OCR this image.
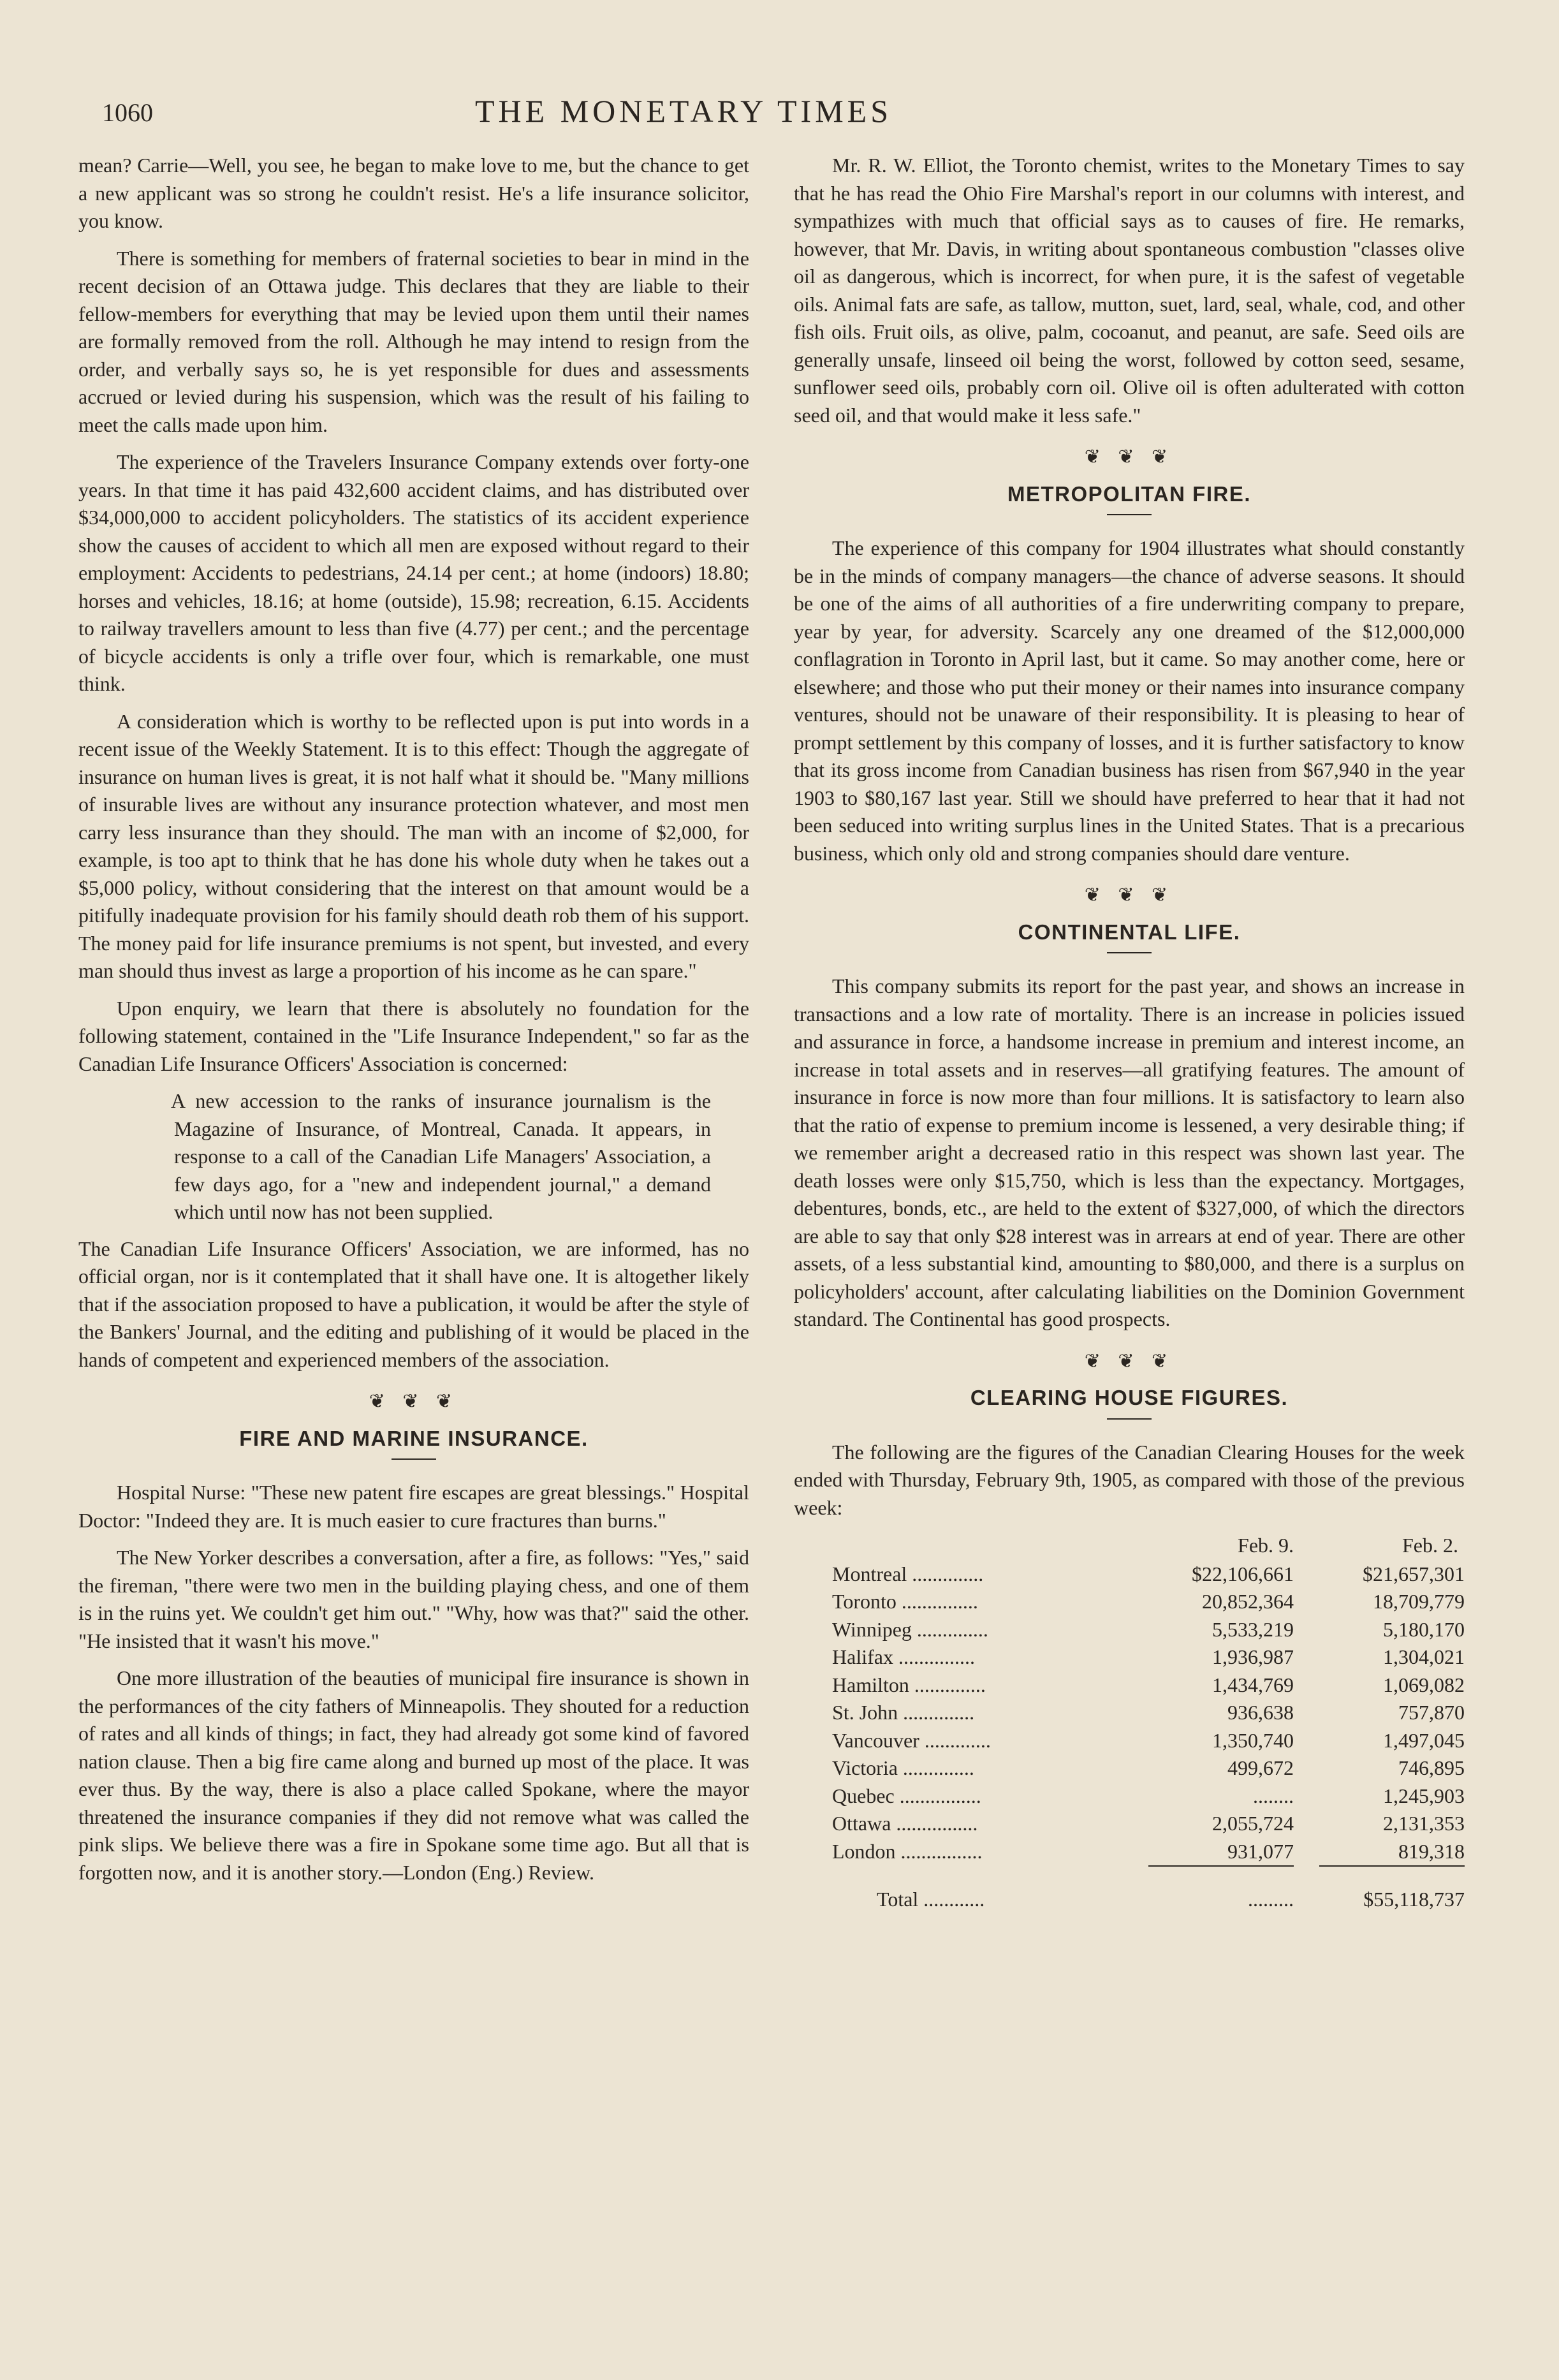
1060	THE MONETARY TIMES

mean? Carrie—Well, you see, he began to make love to me, but the chance to get a new applicant was so strong he couldn't resist. He's a life insurance solicitor, you know.

There is something for members of fraternal societies to bear in mind in the recent decision of an Ottawa judge. This declares that they are liable to their fellow-members for everything that may be levied upon them until their names are formally removed from the roll. Although he may intend to resign from the order, and verbally says so, he is yet responsible for dues and assessments accrued or levied during his suspension, which was the result of his failing to meet the calls made upon him.

The experience of the Travelers Insurance Company extends over forty-one years. In that time it has paid 432,600 accident claims, and has distributed over $34,000,000 to accident policyholders. The statistics of its accident experience show the causes of accident to which all men are exposed without regard to their employment: Accidents to pedestrians, 24.14 per cent.; at home (indoors) 18.80; horses and vehicles, 18.16; at home (outside), 15.98; recreation, 6.15. Accidents to railway travellers amount to less than five (4.77) per cent.; and the percentage of bicycle accidents is only a trifle over four, which is remarkable, one must think.

A consideration which is worthy to be reflected upon is put into words in a recent issue of the Weekly Statement. It is to this effect: Though the aggregate of insurance on human lives is great, it is not half what it should be. "Many millions of insurable lives are without any insurance protection whatever, and most men carry less insurance than they should. The man with an income of $2,000, for example, is too apt to think that he has done his whole duty when he takes out a $5,000 policy, without considering that the interest on that amount would be a pitifully inadequate provision for his family should death rob them of his support. The money paid for life insurance premiums is not spent, but invested, and every man should thus invest as large a proportion of his income as he can spare."

Upon enquiry, we learn that there is absolutely no foundation for the following statement, contained in the "Life Insurance Independent," so far as the Canadian Life Insurance Officers' Association is concerned:

A new accession to the ranks of insurance journalism is the Magazine of Insurance, of Montreal, Canada. It appears, in response to a call of the Canadian Life Managers' Association, a few days ago, for a "new and independent journal," a demand which until now has not been supplied.

The Canadian Life Insurance Officers' Association, we are informed, has no official organ, nor is it contemplated that it shall have one. It is altogether likely that if the association proposed to have a publication, it would be after the style of the Bankers' Journal, and the editing and publishing of it would be placed in the hands of competent and experienced members of the association.

❦ ❦ ❦
FIRE AND MARINE INSURANCE.

Hospital Nurse: "These new patent fire escapes are great blessings." Hospital Doctor: "Indeed they are. It is much easier to cure fractures than burns."

The New Yorker describes a conversation, after a fire, as follows: "Yes," said the fireman, "there were two men in the building playing chess, and one of them is in the ruins yet. We couldn't get him out." "Why, how was that?" said the other. "He insisted that it wasn't his move."

One more illustration of the beauties of municipal fire insurance is shown in the performances of the city fathers of Minneapolis. They shouted for a reduction of rates and all kinds of things; in fact, they had already got some kind of favored nation clause. Then a big fire came along and burned up most of the place. It was ever thus. By the way, there is also a place called Spokane, where the mayor threatened the insurance companies if they did not remove what was called the pink slips. We believe there was a fire in Spokane some time ago. But all that is forgotten now, and it is another story.—London (Eng.) Review.

Mr. R. W. Elliot, the Toronto chemist, writes to the Monetary Times to say that he has read the Ohio Fire Marshal's report in our columns with interest, and sympathizes with much that official says as to causes of fire. He remarks, however, that Mr. Davis, in writing about spontaneous combustion "classes olive oil as dangerous, which is incorrect, for when pure, it is the safest of vegetable oils. Animal fats are safe, as tallow, mutton, suet, lard, seal, whale, cod, and other fish oils. Fruit oils, as olive, palm, cocoanut, and peanut, are safe. Seed oils are generally unsafe, linseed oil being the worst, followed by cotton seed, sesame, sunflower seed oils, probably corn oil. Olive oil is often adulterated with cotton seed oil, and that would make it less safe."

❦ ❦ ❦
METROPOLITAN FIRE.

The experience of this company for 1904 illustrates what should constantly be in the minds of company managers—the chance of adverse seasons. It should be one of the aims of all authorities of a fire underwriting company to prepare, year by year, for adversity. Scarcely any one dreamed of the $12,000,000 conflagration in Toronto in April last, but it came. So may another come, here or elsewhere; and those who put their money or their names into insurance company ventures, should not be unaware of their responsibility. It is pleasing to hear of prompt settlement by this company of losses, and it is further satisfactory to know that its gross income from Canadian business has risen from $67,940 in the year 1903 to $80,167 last year. Still we should have preferred to hear that it had not been seduced into writing surplus lines in the United States. That is a precarious business, which only old and strong companies should dare venture.

❦ ❦ ❦
CONTINENTAL LIFE.

This company submits its report for the past year, and shows an increase in transactions and a low rate of mortality. There is an increase in policies issued and assurance in force, a handsome increase in premium and interest income, an increase in total assets and in reserves—all gratifying features. The amount of insurance in force is now more than four millions. It is satisfactory to learn also that the ratio of expense to premium income is lessened, a very desirable thing; if we remember aright a decreased ratio in this respect was shown last year. The death losses were only $15,750, which is less than the expectancy. Mortgages, debentures, bonds, etc., are held to the extent of $327,000, of which the directors are able to say that only $28 interest was in arrears at end of year. There are other assets, of a less substantial kind, amounting to $80,000, and there is a surplus on policyholders' account, after calculating liabilities on the Dominion Government standard. The Continental has good prospects.

❦ ❦ ❦
CLEARING HOUSE FIGURES.

The following are the figures of the Canadian Clearing Houses for the week ended with Thursday, February 9th, 1905, as compared with those of the previous week:

	Feb. 9.	Feb. 2.
Montreal ..............	$22,106,661	$21,657,301
Toronto ...............	20,852,364	18,709,779
Winnipeg ..............	5,533,219	5,180,170
Halifax ...............	1,936,987	1,304,021
Hamilton ..............	1,434,769	1,069,082
St. John ..............	936,638	757,870
Vancouver .............	1,350,740	1,497,045
Victoria ..............	499,672	746,895
Quebec ................	........	1,245,903
Ottawa ................	2,055,724	2,131,353
London ................	931,077	819,318

Total ............	.........	$55,118,737
